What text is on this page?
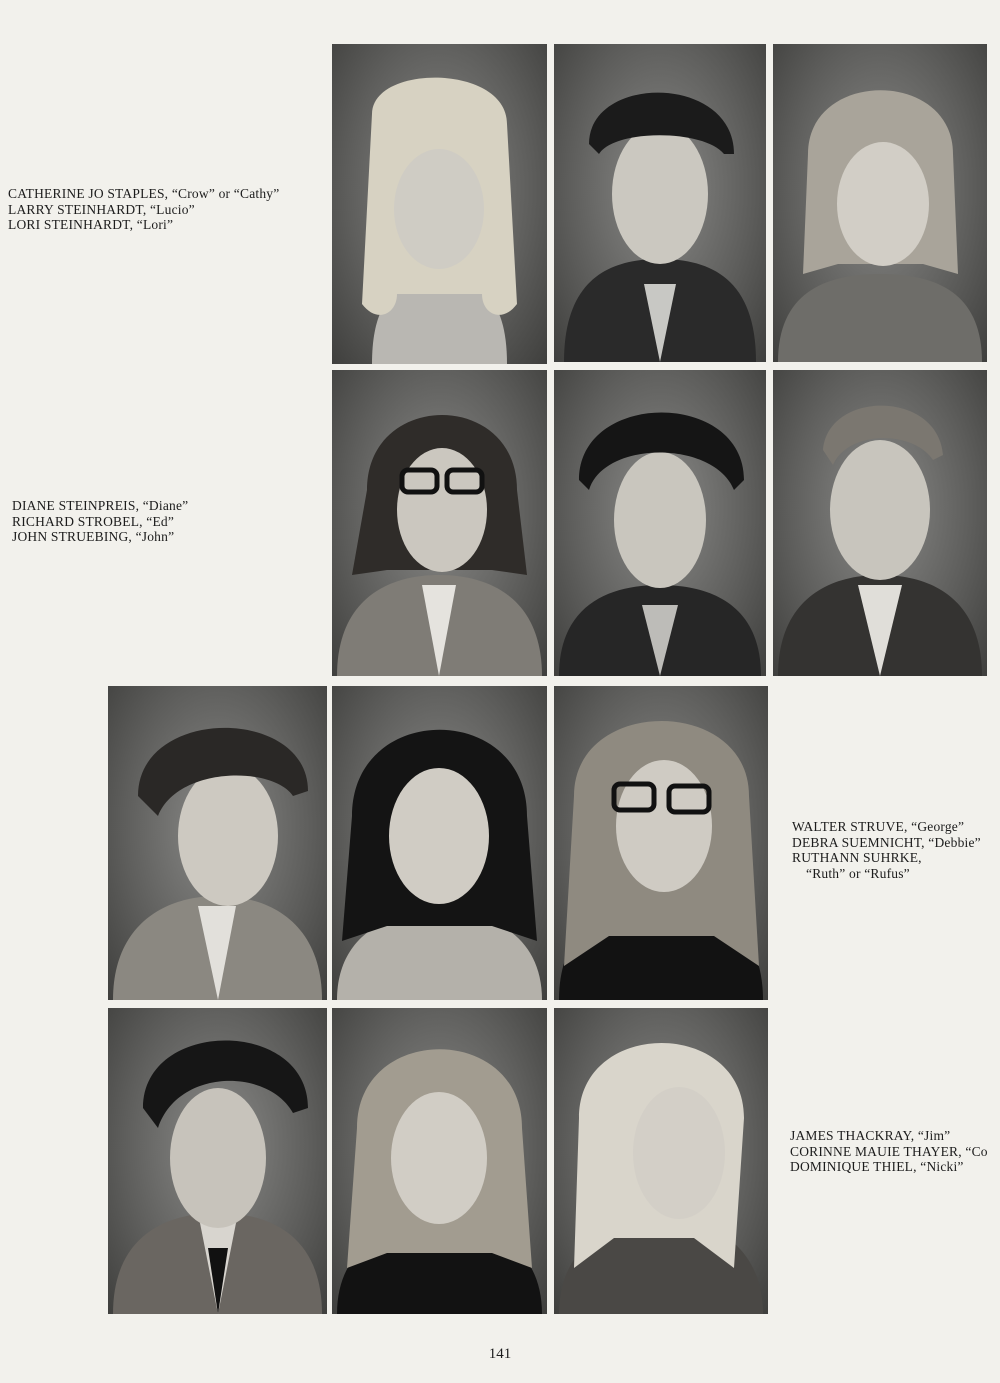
CATHERINE JO STAPLES, “Crow” or “Cathy”
LARRY STEINHARDT, “Lucio”
LORI STEINHARDT, “Lori”
DIANE STEINPREIS, “Diane”
RICHARD STROBEL, “Ed”
JOHN STRUEBING, “John”
WALTER STRUVE, “George”
DEBRA SUEMNICHT, “Debbie”
RUTHANN SUHRKE,
“Ruth” or “Rufus”
JAMES THACKRAY, “Jim”
CORINNE MAUIE THAYER, “Co
DOMINIQUE THIEL, “Nicki”
141
